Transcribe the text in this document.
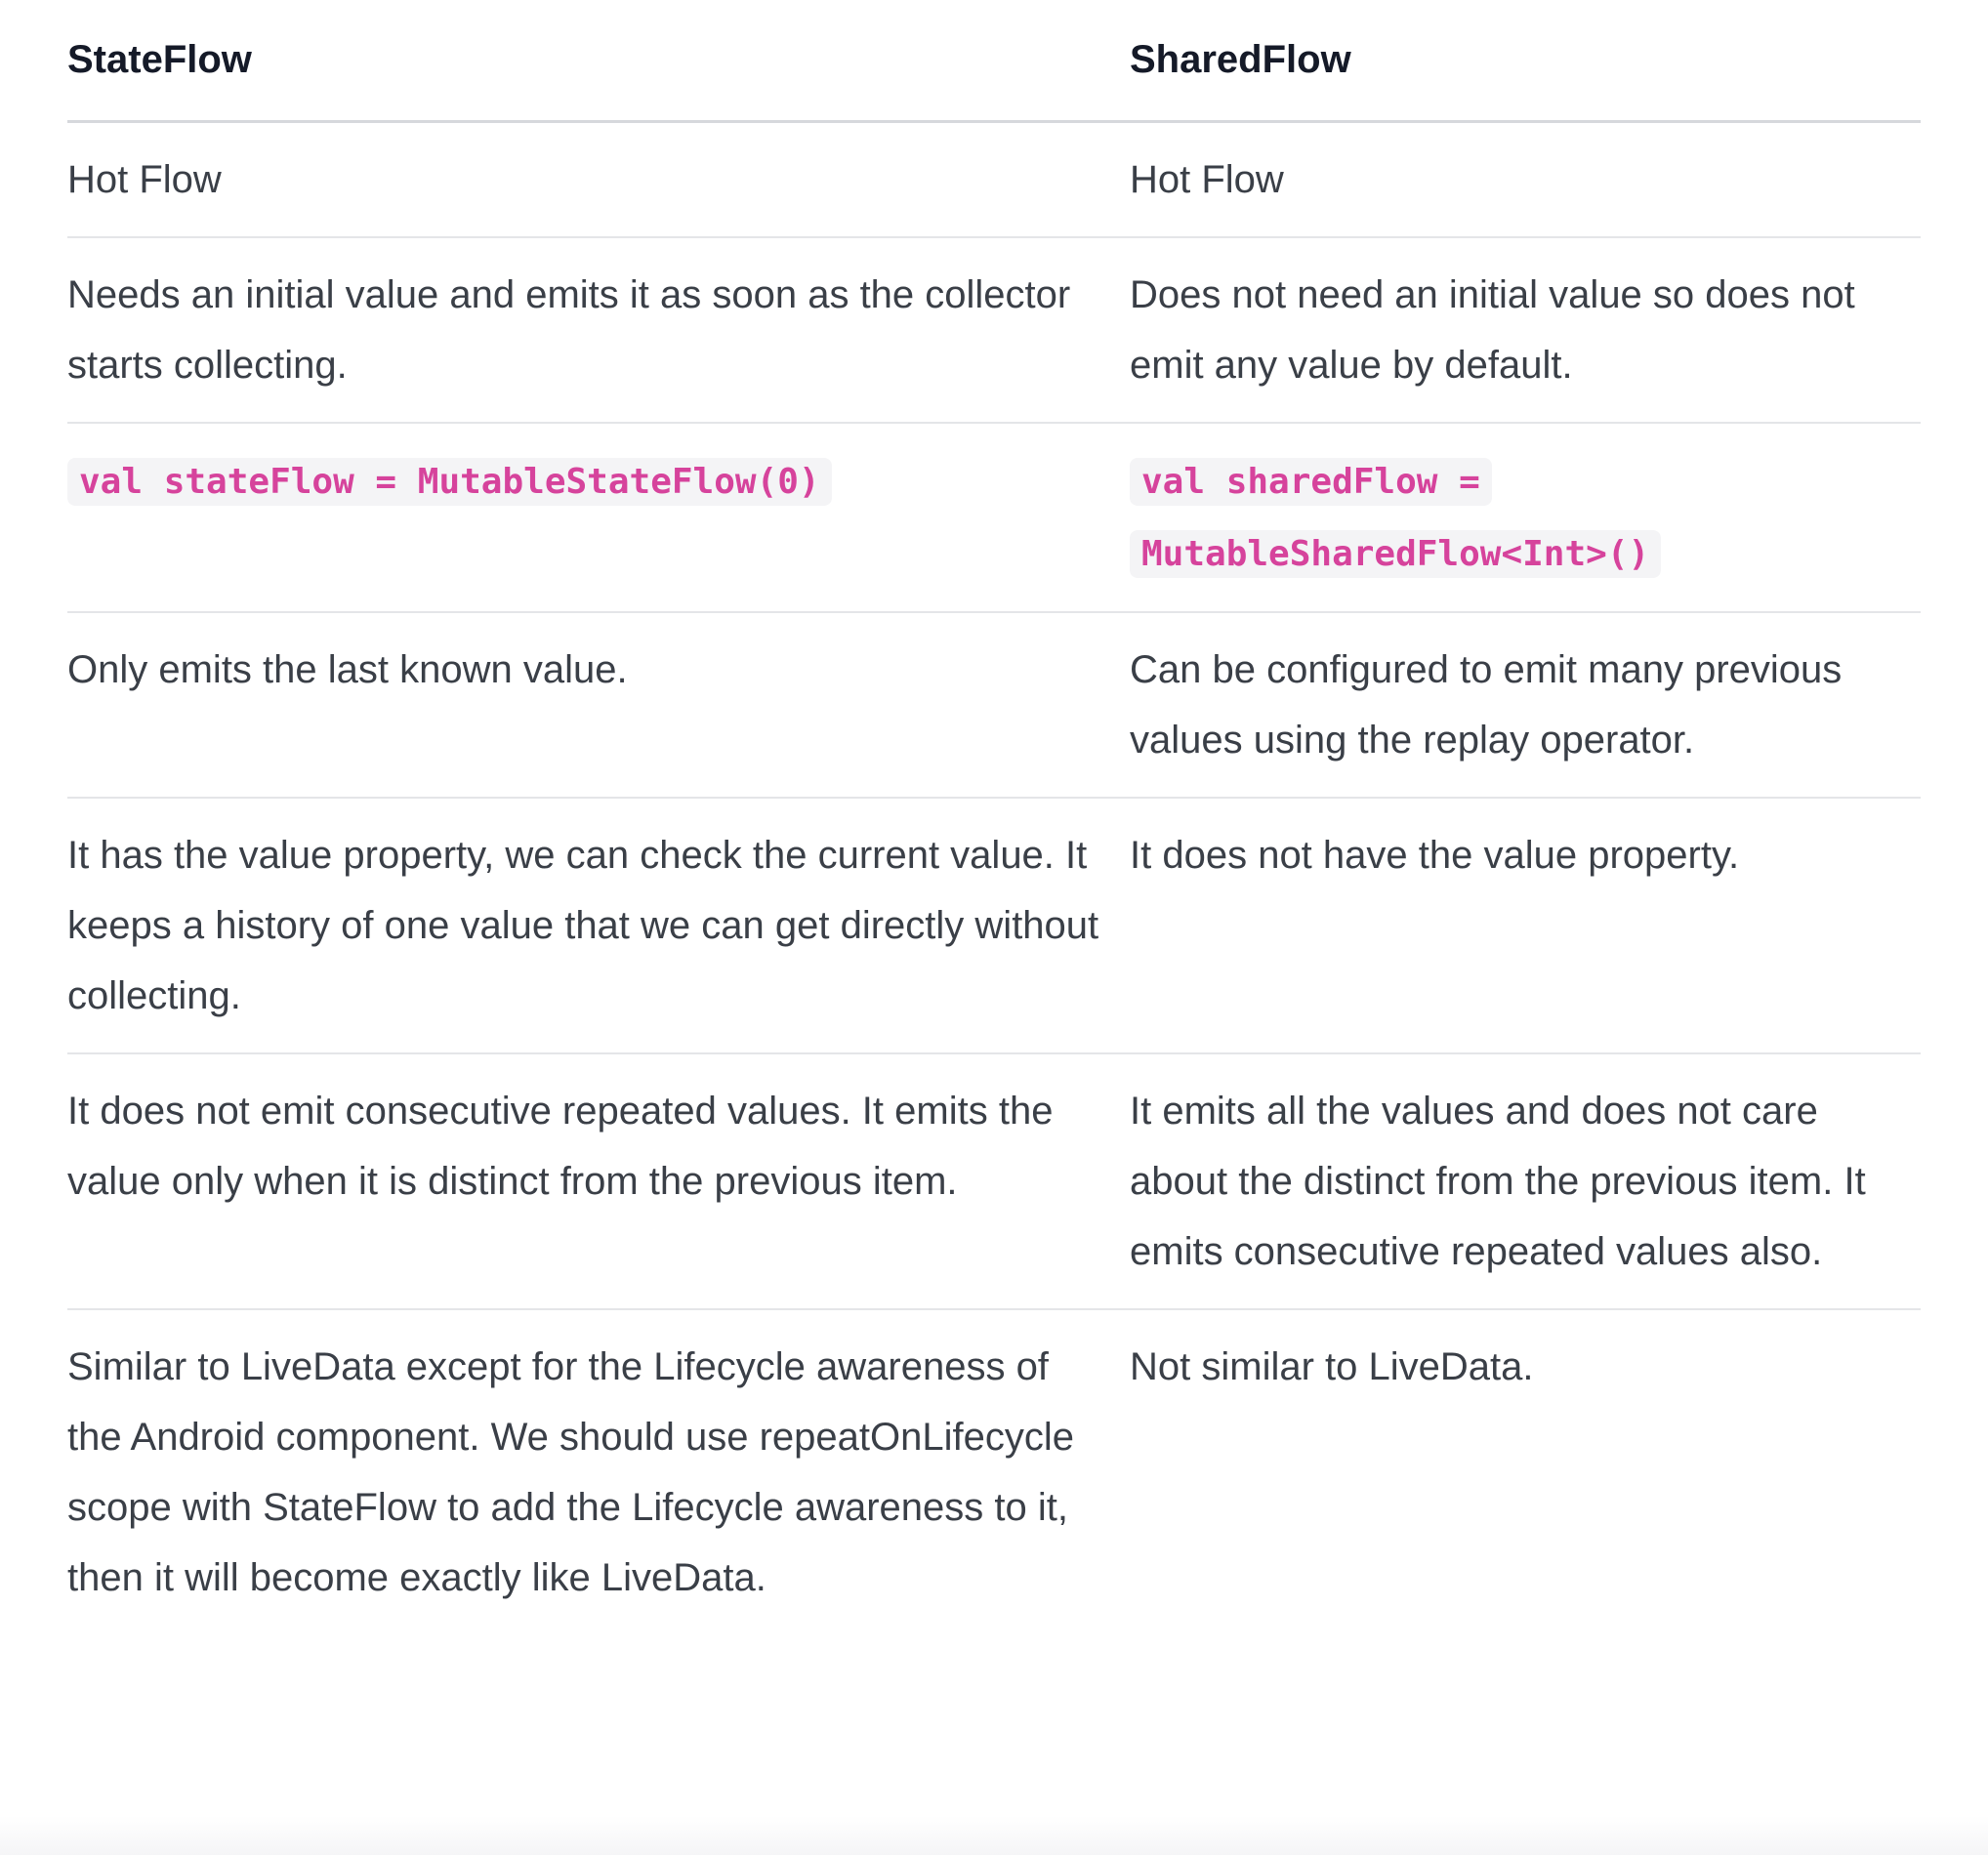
StateFlow	SharedFlow
Hot Flow	Hot Flow
Needs an initial value and emits it as soon as the collector starts collecting.	Does not need an initial value so does not emit any value by default.
val stateFlow = MutableStateFlow(0)	val sharedFlow = MutableSharedFlow<Int>()
Only emits the last known value.	Can be configured to emit many previous values using the replay operator.
It has the value property, we can check the current value. It keeps a history of one value that we can get directly without collecting.	It does not have the value property.
It does not emit consecutive repeated values. It emits the value only when it is distinct from the previous item.	It emits all the values and does not care about the distinct from the previous item. It emits consecutive repeated values also.
Similar to LiveData except for the Lifecycle awareness of the Android component. We should use repeatOnLifecycle scope with StateFlow to add the Lifecycle awareness to it, then it will become exactly like LiveData.	Not similar to LiveData.
